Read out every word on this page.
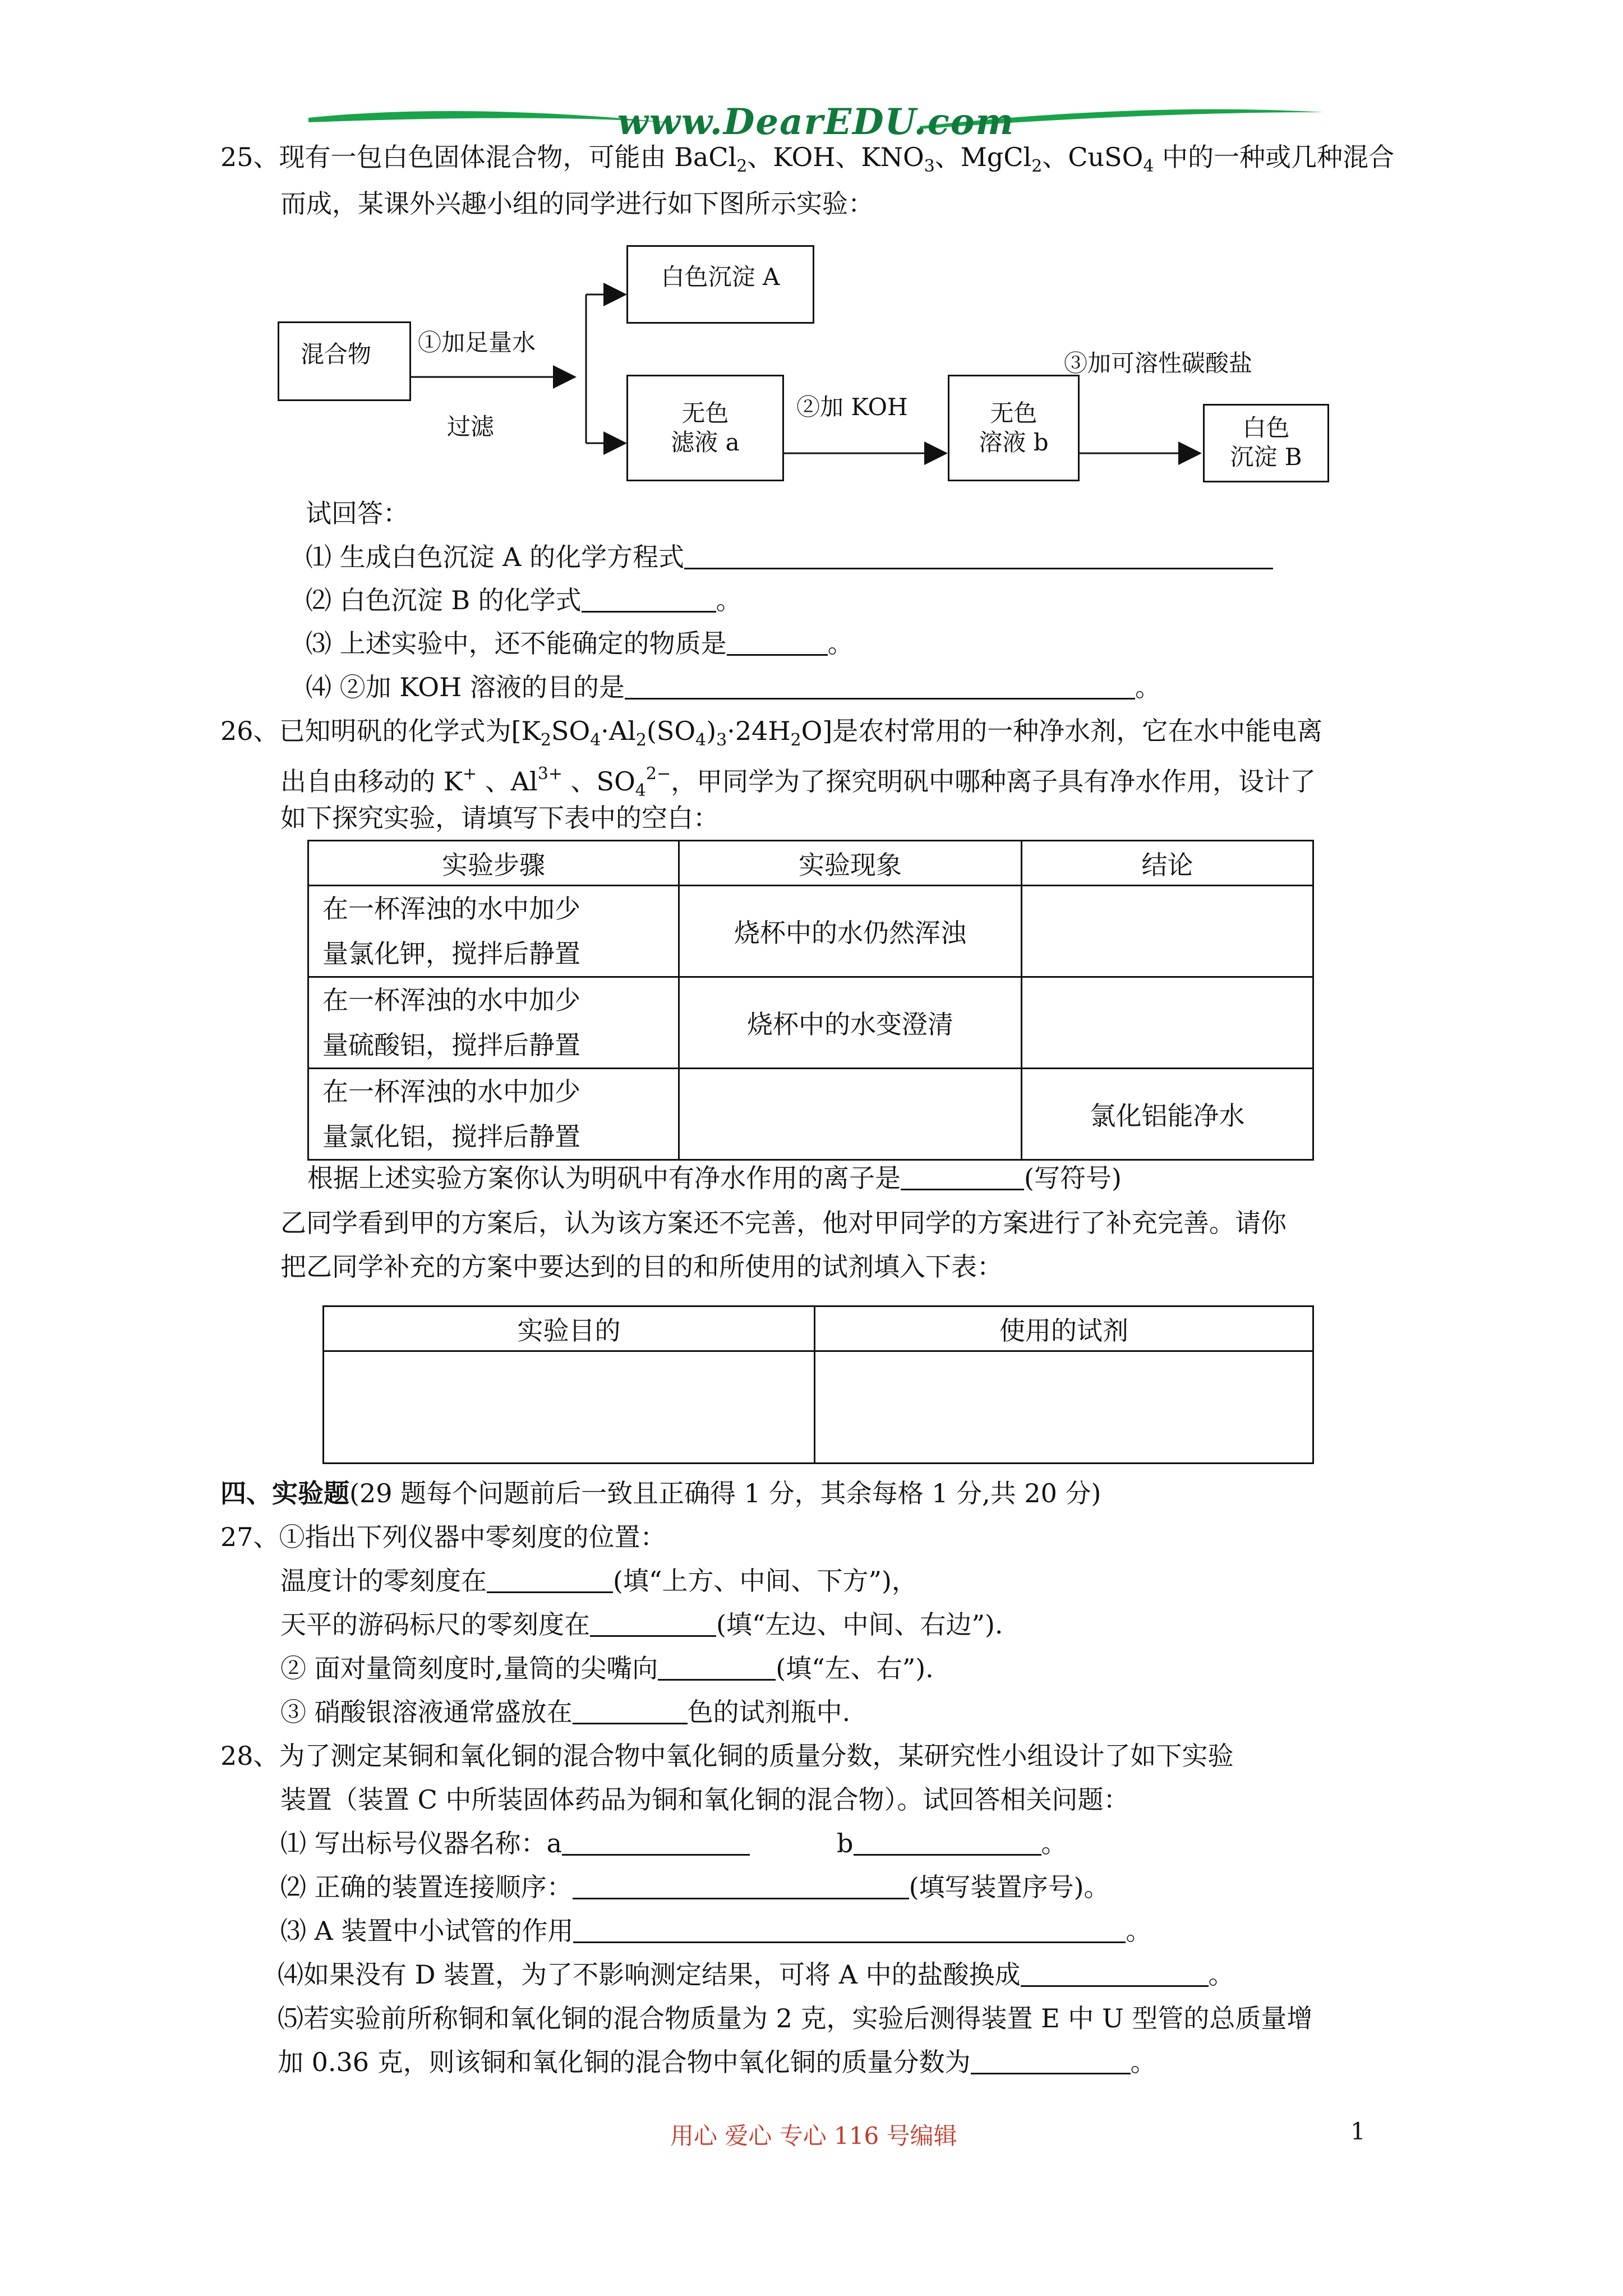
www.DearEDU.com
25、现有一包白色固体混合物，可能由 BaCl$_2$、KOH、$KNO_3$、MgCl$_2$、CuSO$_4$ 中的一种或几种混合
而成，某课外兴趣小组的同学进行如下图所示实验：
混合物	①加足量水
过滤
白色沉淀 A
无色
滤液 a
②加 KOH	无色
溶液 b
③加可溶性碳酸盐
白色
沉淀 B
试回答：
⑴ 生成白色沉淀 A 的化学方程式
⑵ 白色沉淀 B 的化学式	。
⑶ 上述实验中，还不能确定的物质是	。
⑷ ②加 KOH 溶液的目的是	。
26、已知明矾的化学式为$[K_2SO_4\cdot Al_2(SO_4)_3\cdot 24H_2O]$是农村常用的一种净水剂，它在水中能电离
出自由移动的 K+ 、$Al^{3+}$ 、$SO_4^{2-}$，甲同学为了探究明矾中哪种离子具有净水作用，设计了
如下探究实验，请填写下表中的空白：
实验步骤	实验现象	结论

在一杯浑浊的水中加少
量氯化钾，搅拌后静置	烧杯中的水仍然浑浊	

在一杯浑浊的水中加少
量硫酸铝，搅拌后静置	烧杯中的水变澄清	

在一杯浑浊的水中加少
量氯化铝，搅拌后静置		氯化铝能净水
根据上述实验方案你认为明矾中有净水作用的离子是	(写符号)
乙同学看到甲的方案后，认为该方案还不完善，他对甲同学的方案进行了补充完善。请你
把乙同学补充的方案中要达到的目的和所使用的试剂填入下表：
实验目的	使用的试剂

四、实验题(29 题每个问题前后一致且正确得 1 分，其余每格 1 分,共 20 分)
27、①指出下列仪器中零刻度的位置：
温度计的零刻度在	(填“上方、中间、下方”)，
天平的游码标尺的零刻度在	(填“左边、中间、右边”).
② 面对量筒刻度时,量筒的尖嘴向	(填“左、右”).
③ 硝酸银溶液通常盛放在	色的试剂瓶中.
28、为了测定某铜和氧化铜的混合物中氧化铜的质量分数，某研究性小组设计了如下实验
装置（装置 C 中所装固体药品为铜和氧化铜的混合物）。试回答相关问题：
⑴ 写出标号仪器名称：a	b	。
⑵ 正确的装置连接顺序：	(填写装置序号)。
⑶ A 装置中小试管的作用	。
⑷如果没有 D 装置，为了不影响测定结果，可将 A 中的盐酸换成	。
⑸若实验前所称铜和氧化铜的混合物质量为 2 克，实验后测得装置 E 中 U 型管的总质量增
加 0.36 克，则该铜和氧化铜的混合物中氧化铜的质量分数为	。
用心 爱心 专心 116 号编辑	1
